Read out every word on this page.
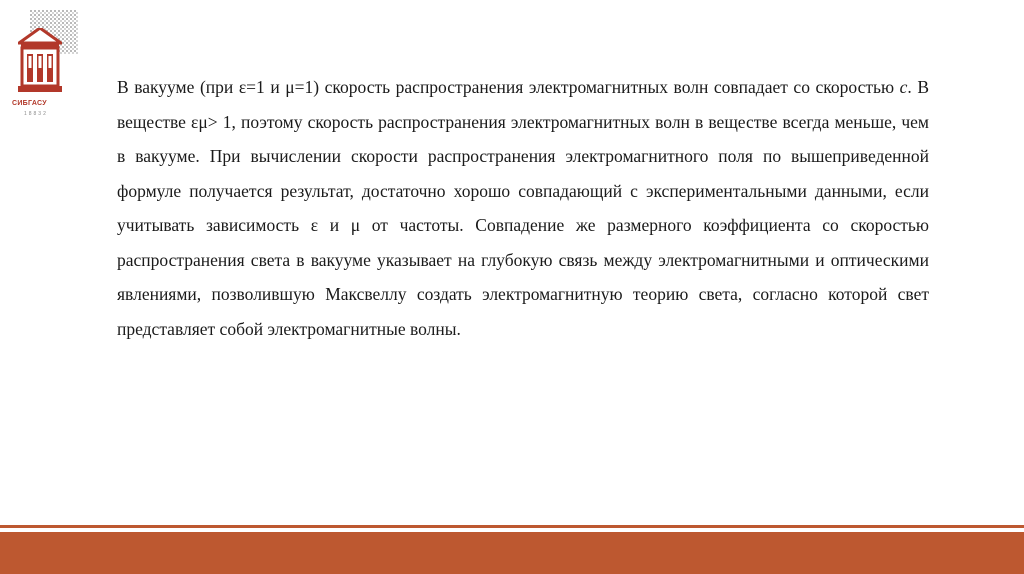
СИБГАСУ
1 8 8 3 2

В вакууме (при ε=1 и μ=1) скорость распространения электромагнитных волн совпадает со скоростью c. В веществе εμ> 1, поэтому скорость распространения электромагнитных волн в веществе всегда меньше, чем в вакууме. При вычислении скорости распространения электромагнитного поля по вышеприведенной формуле получается результат, достаточно хорошо совпадающий с экспериментальными данными, если учитывать зависимость ε и μ от частоты. Совпадение же размерного коэффициента со скоростью распространения света в вакууме указывает на глубокую связь между электромагнитными и оптическими явлениями, позволившую Максвеллу создать электромагнитную теорию света, согласно которой свет представляет собой электромагнитные волны.
